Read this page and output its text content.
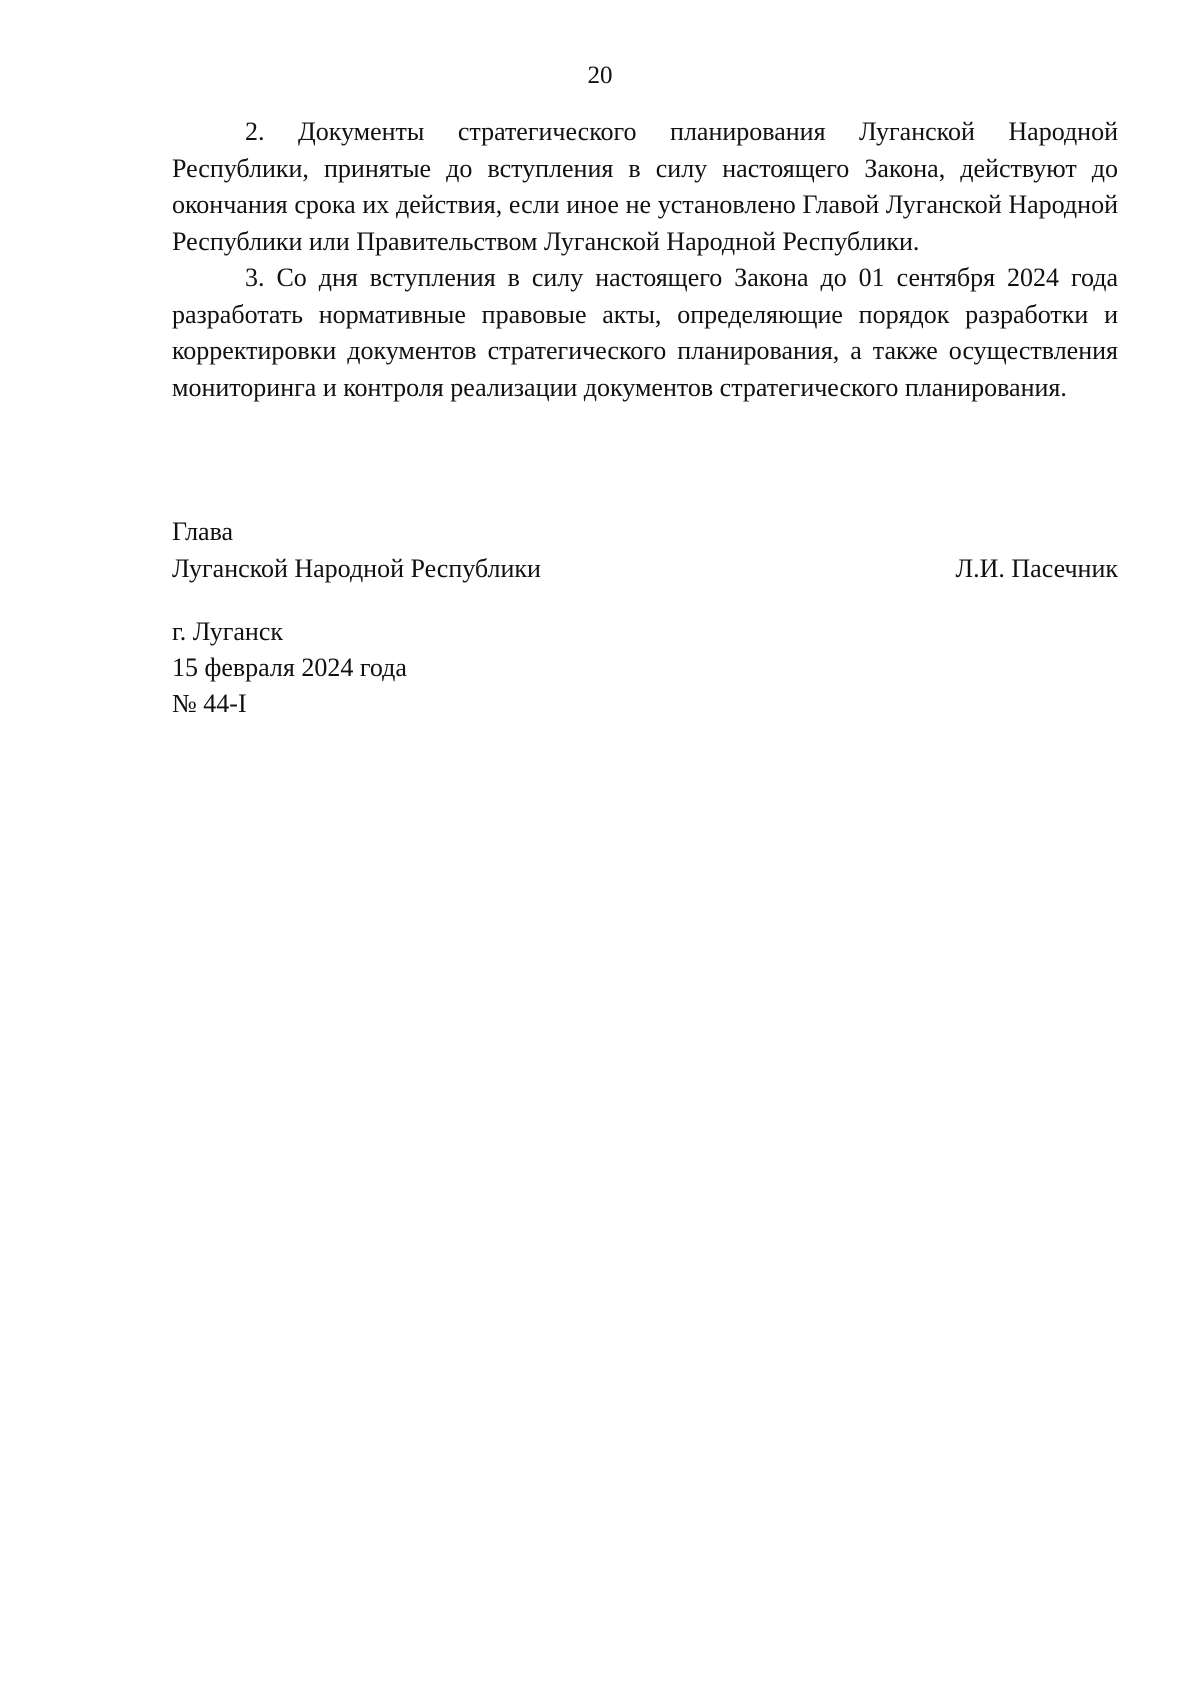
20

2. Документы стратегического планирования Луганской Народной Республики, принятые до вступления в силу настоящего Закона, действуют до окончания срока их действия, если иное не установлено Главой Луганской Народной Республики или Правительством Луганской Народной Республики.

3. Со дня вступления в силу настоящего Закона до 01 сентября 2024 года разработать нормативные правовые акты, определяющие порядок разработки и корректировки документов стратегического планирования, а также осуществления мониторинга и контроля реализации документов стратегического планирования.

Глава
Луганской Народной Республики	Л.И. Пасечник
г. Луганск
15 февраля 2024 года
№ 44-I
